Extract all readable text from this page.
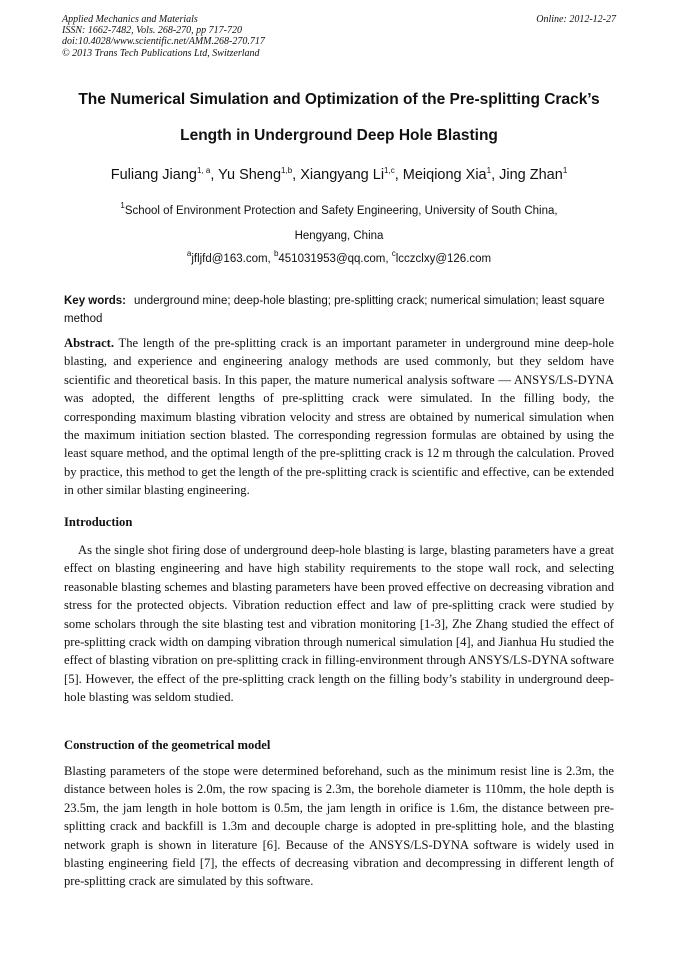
Applied Mechanics and Materials
ISSN: 1662-7482, Vols. 268-270, pp 717-720
doi:10.4028/www.scientific.net/AMM.268-270.717
© 2013 Trans Tech Publications Ltd, Switzerland
Online: 2012-12-27
The Numerical Simulation and Optimization of the Pre-splitting Crack’s
Length in Underground Deep Hole Blasting
Fuliang Jiang$^{1, a}$, Yu Sheng$^{1,b}$, Xiangyang Li$^{1,c}$, Meiqiong Xia$^1$, Jing Zhan$^1$
$^1$School of Environment Protection and Safety Engineering, University of South China,
Hengyang, China
$^a$jfljfd@163.com, $^b$451031953@qq.com, $^c$lcczclxy@126.com
Key words: underground mine; deep-hole blasting; pre-splitting crack; numerical simulation; least square method
Abstract. The length of the pre-splitting crack is an important parameter in underground mine deep-hole blasting, and experience and engineering analogy methods are used commonly, but they seldom have scientific and theoretical basis. In this paper, the mature numerical analysis software — ANSYS/LS-DYNA was adopted, the different lengths of pre-splitting crack were simulated. In the filling body, the corresponding maximum blasting vibration velocity and stress are obtained by numerical simulation when the maximum initiation section blasted. The corresponding regression formulas are obtained by using the least square method, and the optimal length of the pre-splitting crack is 12 m through the calculation. Proved by practice, this method to get the length of the pre-splitting crack is scientific and effective, can be extended in other similar blasting engineering.
Introduction
As the single shot firing dose of underground deep-hole blasting is large, blasting parameters have a great effect on blasting engineering and have high stability requirements to the stope wall rock, and selecting reasonable blasting schemes and blasting parameters have been proved effective on decreasing vibration and stress for the protected objects. Vibration reduction effect and law of pre-splitting crack were studied by some scholars through the site blasting test and vibration monitoring [1-3], Zhe Zhang studied the effect of pre-splitting crack width on damping vibration through numerical simulation [4], and Jianhua Hu studied the effect of blasting vibration on pre-splitting crack in filling-environment through ANSYS/LS-DYNA software [5]. However, the effect of the pre-splitting crack length on the filling body’s stability in underground deep-hole blasting was seldom studied.
Construction of the geometrical model
Blasting parameters of the stope were determined beforehand, such as the minimum resist line is 2.3m, the distance between holes is 2.0m, the row spacing is 2.3m, the borehole diameter is 110mm, the hole depth is 23.5m, the jam length in hole bottom is 0.5m, the jam length in orifice is 1.6m, the distance between pre-splitting crack and backfill is 1.3m and decouple charge is adopted in pre-splitting hole, and the blasting network graph is shown in literature [6]. Because of the ANSYS/LS-DYNA software is widely used in blasting engineering field [7], the effects of decreasing vibration and decompressing in different length of pre-splitting crack are simulated by this software.
